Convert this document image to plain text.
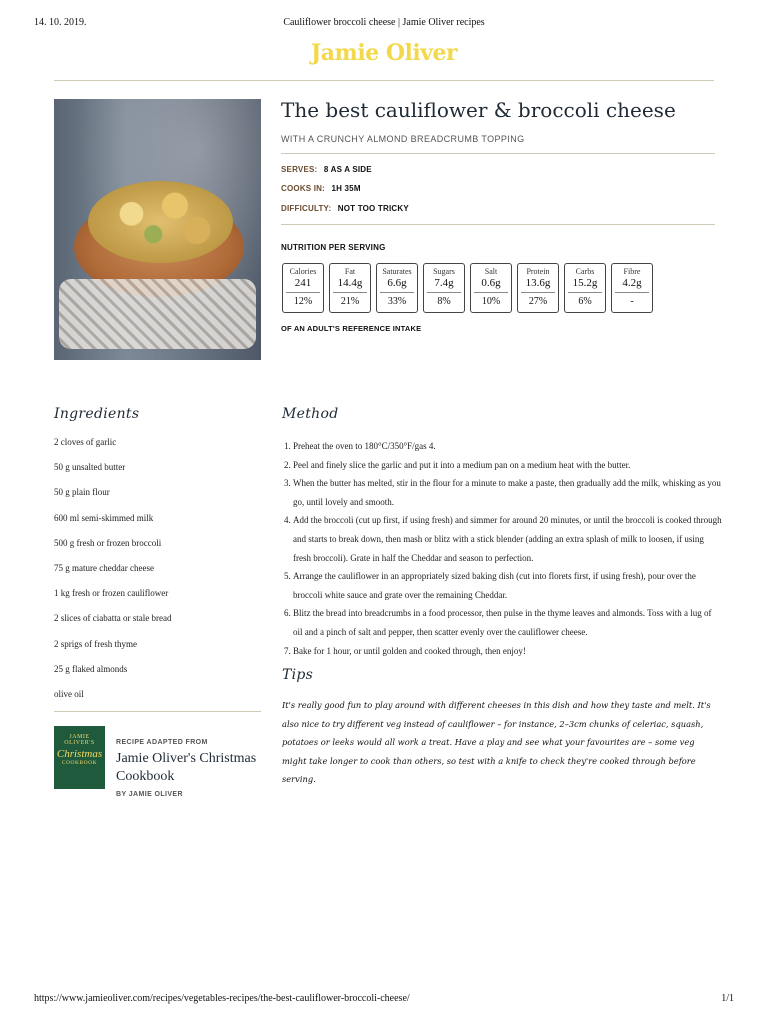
14. 10. 2019.	Cauliflower broccoli cheese | Jamie Oliver recipes
Jamie Oliver
The best cauliflower & broccoli cheese
WITH A CRUNCHY ALMOND BREADCRUMB TOPPING
SERVES: 8 AS A SIDE
COOKS IN: 1H 35M
DIFFICULTY: NOT TOO TRICKY
NUTRITION PER SERVING
Calories
241
12%
Fat
14.4g
21%
Saturates
6.6g
33%
Sugars
7.4g
8%
Salt
0.6g
10%
Protein
13.6g
27%
Carbs
15.2g
6%
Fibre
4.2g
-
OF AN ADULT'S REFERENCE INTAKE
Ingredients
2 cloves of garlic
50 g unsalted butter
50 g plain flour
600 ml semi-skimmed milk
500 g fresh or frozen broccoli
75 g mature cheddar cheese
1 kg fresh or frozen cauliflower
2 slices of ciabatta or stale bread
2 sprigs of fresh thyme
25 g flaked almonds
olive oil
Method
1. Preheat the oven to 180°C/350°F/gas 4.
2. Peel and finely slice the garlic and put it into a medium pan on a medium heat with the butter.
3. When the butter has melted, stir in the flour for a minute to make a paste, then gradually add the milk, whisking as you go, until lovely and smooth.
4. Add the broccoli (cut up first, if using fresh) and simmer for around 20 minutes, or until the broccoli is cooked through and starts to break down, then mash or blitz with a stick blender (adding an extra splash of milk to loosen, if using fresh broccoli). Grate in half the Cheddar and season to perfection.
5. Arrange the cauliflower in an appropriately sized baking dish (cut into florets first, if using fresh), pour over the broccoli white sauce and grate over the remaining Cheddar.
6. Blitz the bread into breadcrumbs in a food processor, then pulse in the thyme leaves and almonds. Toss with a lug of oil and a pinch of salt and pepper, then scatter evenly over the cauliflower cheese.
7. Bake for 1 hour, or until golden and cooked through, then enjoy!
Tips

It's really good fun to play around with different cheeses in this dish and how they taste and melt. It's also nice to try different veg instead of cauliflower – for instance, 2–3cm chunks of celeriac, squash, potatoes or leeks would all work a treat. Have a play and see what your favourites are – some veg might take longer to cook than others, so test with a knife to check they're cooked through before serving.

JAMIE
OLIVER'S
Christmas
COOKBOOK
RECIPE ADAPTED FROM
Jamie Oliver's Christmas Cookbook
BY JAMIE OLIVER
https://www.jamieoliver.com/recipes/vegetables-recipes/the-best-cauliflower-broccoli-cheese/	1/1
